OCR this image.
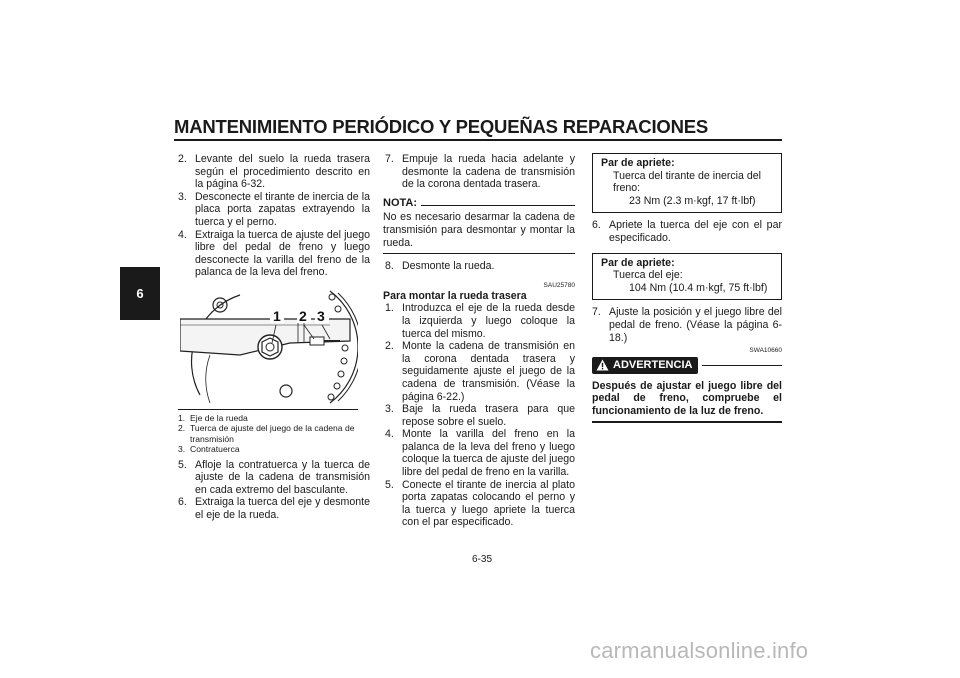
MANTENIMIENTO PERIÓDICO Y PEQUEÑAS REPARACIONES
6
2. Levante del suelo la rueda trasera según el procedimiento descrito en la página 6-32.
3. Desconecte el tirante de inercia de la placa porta zapatas extrayendo la tuerca y el perno.
4. Extraiga la tuerca de ajuste del juego libre del pedal de freno y luego desconecte la varilla del freno de la palanca de la leva del freno.
1 2 3
1. Eje de la rueda
2. Tuerca de ajuste del juego de la cadena de transmisión
3. Contratuerca
5. Afloje la contratuerca y la tuerca de ajuste de la cadena de transmisión en cada extremo del basculante.
6. Extraiga la tuerca del eje y desmonte el eje de la rueda.
7. Empuje la rueda hacia adelante y desmonte la cadena de transmisión de la corona dentada trasera.
NOTA:
No es necesario desarmar la cadena de transmisión para desmontar y montar la rueda.
8. Desmonte la rueda.
SAU25780
Para montar la rueda trasera
1. Introduzca el eje de la rueda desde la izquierda y luego coloque la tuerca del mismo.
2. Monte la cadena de transmisión en la corona dentada trasera y seguidamente ajuste el juego de la cadena de transmisión. (Véase la página 6-22.)
3. Baje la rueda trasera para que repose sobre el suelo.
4. Monte la varilla del freno en la palanca de la leva del freno y luego coloque la tuerca de ajuste del juego libre del pedal de freno en la varilla.
5. Conecte el tirante de inercia al plato porta zapatas colocando el perno y la tuerca y luego apriete la tuerca con el par especificado.
Par de apriete:
Tuerca del tirante de inercia del freno:
23 Nm (2.3 m·kgf, 17 ft·lbf)
6. Apriete la tuerca del eje con el par especificado.
Par de apriete:
Tuerca del eje:
104 Nm (10.4 m·kgf, 75 ft·lbf)
7. Ajuste la posición y el juego libre del pedal de freno. (Véase la página 6-18.)
SWA10660
ADVERTENCIA
Después de ajustar el juego libre del pedal de freno, compruebe el funcionamiento de la luz de freno.
6-35
carmanualsonline.info
